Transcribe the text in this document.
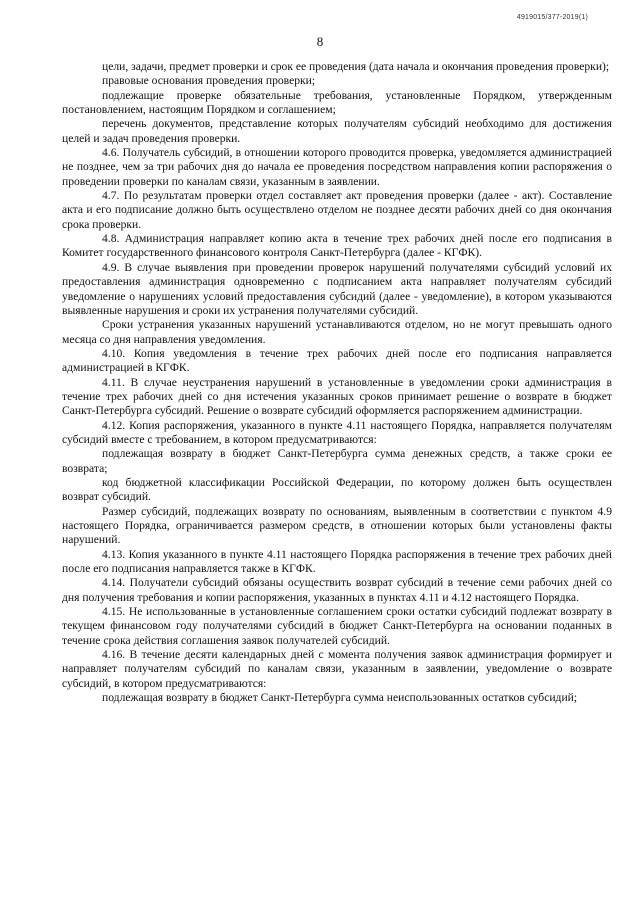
4919015/377-2019(1)
8

цели, задачи, предмет проверки и срок ее проведения (дата начала и окончания проведения проверки);

правовые основания проведения проверки;

подлежащие проверке обязательные требования, установленные Порядком, утвержденным постановлением, настоящим Порядком и соглашением;

перечень документов, представление которых получателям субсидий необходимо для достижения целей и задач проведения проверки.

4.6. Получатель субсидий, в отношении которого проводится проверка, уведомляется администрацией не позднее, чем за три рабочих дня до начала ее проведения посредством направления копии распоряжения о проведении проверки по каналам связи, указанным в заявлении.

4.7. По результатам проверки отдел составляет акт проведения проверки (далее - акт). Составление акта и его подписание должно быть осуществлено отделом не позднее десяти рабочих дней со дня окончания срока проверки.

4.8. Администрация направляет копию акта в течение трех рабочих дней после его подписания в Комитет государственного финансового контроля Санкт-Петербурга (далее - КГФК).

4.9. В случае выявления при проведении проверок нарушений получателями субсидий условий их предоставления администрация одновременно с подписанием акта направляет получателям субсидий уведомление о нарушениях условий предоставления субсидий (далее - уведомление), в котором указываются выявленные нарушения и сроки их устранения получателями субсидий.

Сроки устранения указанных нарушений устанавливаются отделом, но не могут превышать одного месяца со дня направления уведомления.

4.10. Копия уведомления в течение трех рабочих дней после его подписания направляется администрацией в КГФК.

4.11. В случае неустранения нарушений в установленные в уведомлении сроки администрация в течение трех рабочих дней со дня истечения указанных сроков принимает решение о возврате в бюджет Санкт-Петербурга субсидий. Решение о возврате субсидий оформляется распоряжением администрации.

4.12. Копия распоряжения, указанного в пункте 4.11 настоящего Порядка, направляется получателям субсидий вместе с требованием, в котором предусматриваются:

подлежащая возврату в бюджет Санкт-Петербурга сумма денежных средств, а также сроки ее возврата;

код бюджетной классификации Российской Федерации, по которому должен быть осуществлен возврат субсидий.

Размер субсидий, подлежащих возврату по основаниям, выявленным в соответствии с пунктом 4.9 настоящего Порядка, ограничивается размером средств, в отношении которых были установлены факты нарушений.

4.13. Копия указанного в пункте 4.11 настоящего Порядка распоряжения в течение трех рабочих дней после его подписания направляется также в КГФК.

4.14. Получатели субсидий обязаны осуществить возврат субсидий в течение семи рабочих дней со дня получения требования и копии распоряжения, указанных в пунктах 4.11 и 4.12 настоящего Порядка.

4.15. Не использованные в установленные соглашением сроки остатки субсидий подлежат возврату в текущем финансовом году получателями субсидий в бюджет Санкт-Петербурга на основании поданных в течение срока действия соглашения заявок получателей субсидий.

4.16. В течение десяти календарных дней с момента получения заявок администрация формирует и направляет получателям субсидий по каналам связи, указанным в заявлении, уведомление о возврате субсидий, в котором предусматриваются:

подлежащая возврату в бюджет Санкт-Петербурга сумма неиспользованных остатков субсидий;
